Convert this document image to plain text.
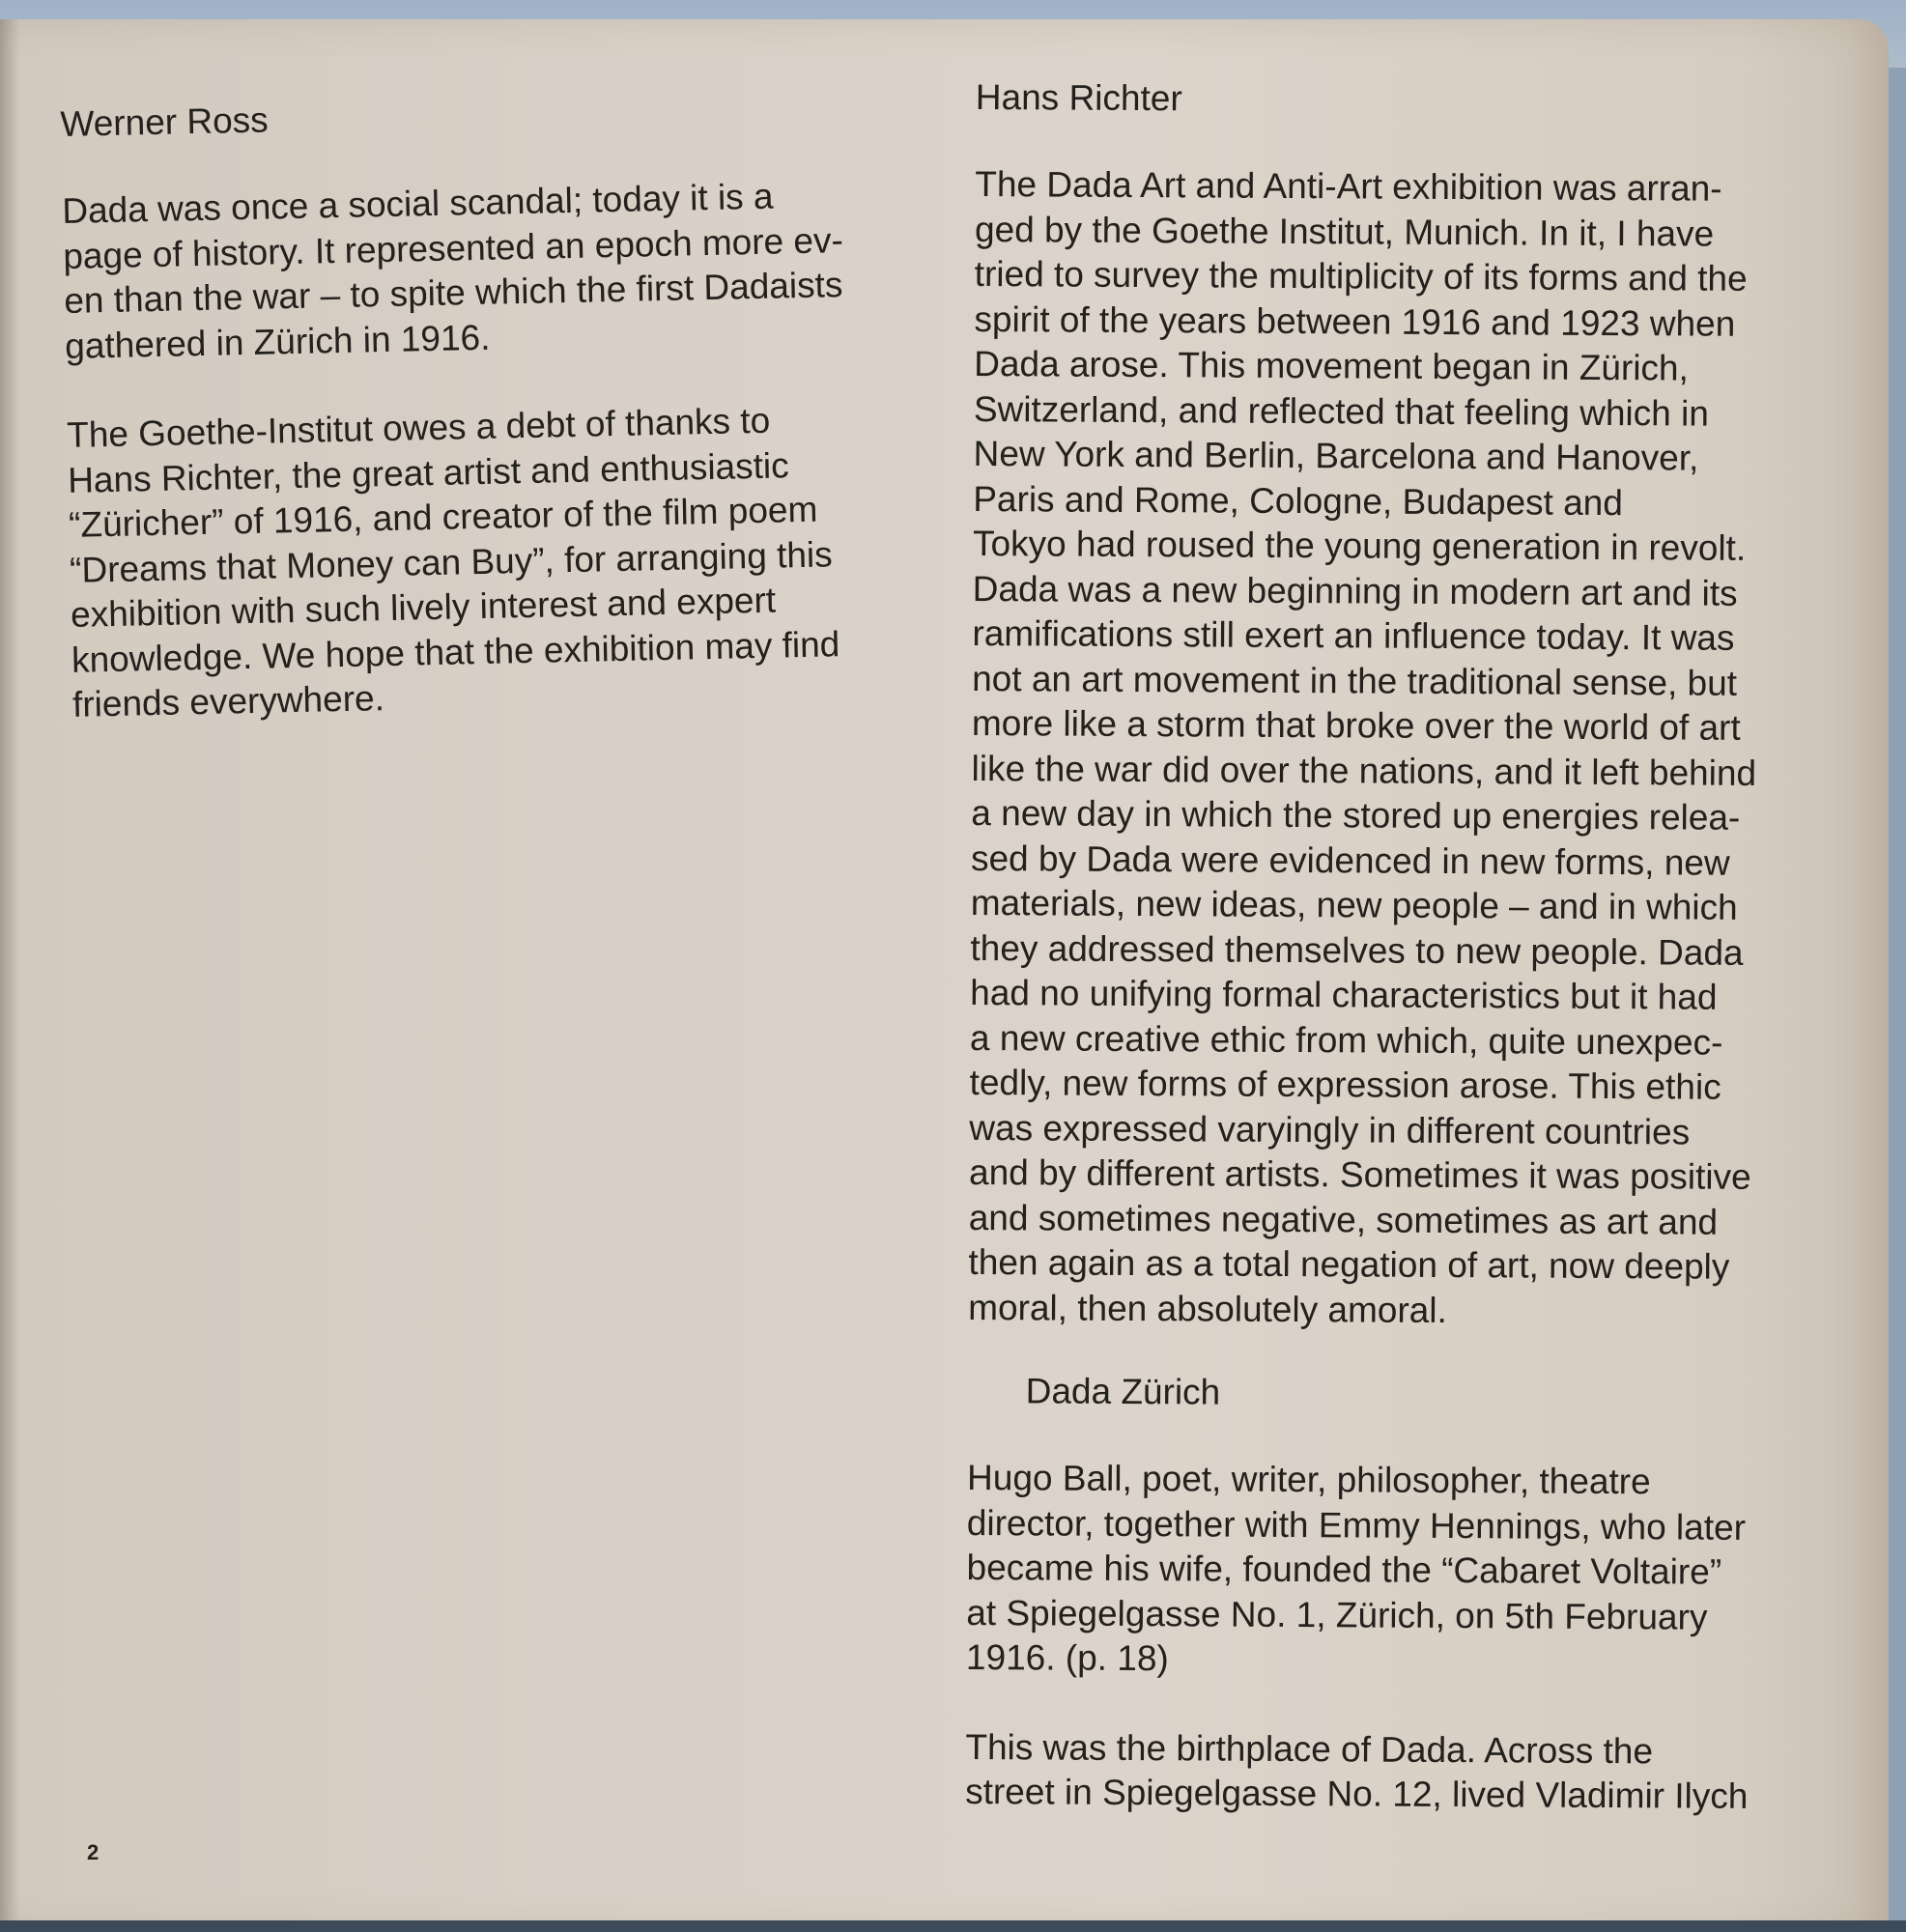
Werner Ross

Dada was once a social scandal; today it is a
page of history. It represented an epoch more ev-
en than the war – to spite which the first Dadaists
gathered in Zürich in 1916.

The Goethe-Institut owes a debt of thanks to
Hans Richter, the great artist and enthusiastic
“Züricher” of 1916, and creator of the film poem
“Dreams that Money can Buy”, for arranging this
exhibition with such lively interest and expert
knowledge. We hope that the exhibition may find
friends everywhere.

Hans Richter

The Dada Art and Anti-Art exhibition was arran-
ged by the Goethe Institut, Munich. In it, I have
tried to survey the multiplicity of its forms and the
spirit of the years between 1916 and 1923 when
Dada arose. This movement began in Zürich,
Switzerland, and reflected that feeling which in
New York and Berlin, Barcelona and Hanover,
Paris and Rome, Cologne, Budapest and
Tokyo had roused the young generation in revolt.
Dada was a new beginning in modern art and its
ramifications still exert an influence today. It was
not an art movement in the traditional sense, but
more like a storm that broke over the world of art
like the war did over the nations, and it left behind
a new day in which the stored up energies relea-
sed by Dada were evidenced in new forms, new
materials, new ideas, new people – and in which
they addressed themselves to new people. Dada
had no unifying formal characteristics but it had
a new creative ethic from which, quite unexpec-
tedly, new forms of expression arose. This ethic
was expressed varyingly in different countries
and by different artists. Sometimes it was positive
and sometimes negative, sometimes as art and
then again as a total negation of art, now deeply
moral, then absolutely amoral.

Dada Zürich

Hugo Ball, poet, writer, philosopher, theatre
director, together with Emmy Hennings, who later
became his wife, founded the “Cabaret Voltaire”
at Spiegelgasse No. 1, Zürich, on 5th February
1916. (p. 18)

This was the birthplace of Dada. Across the
street in Spiegelgasse No. 12, lived Vladimir Ilych

2
